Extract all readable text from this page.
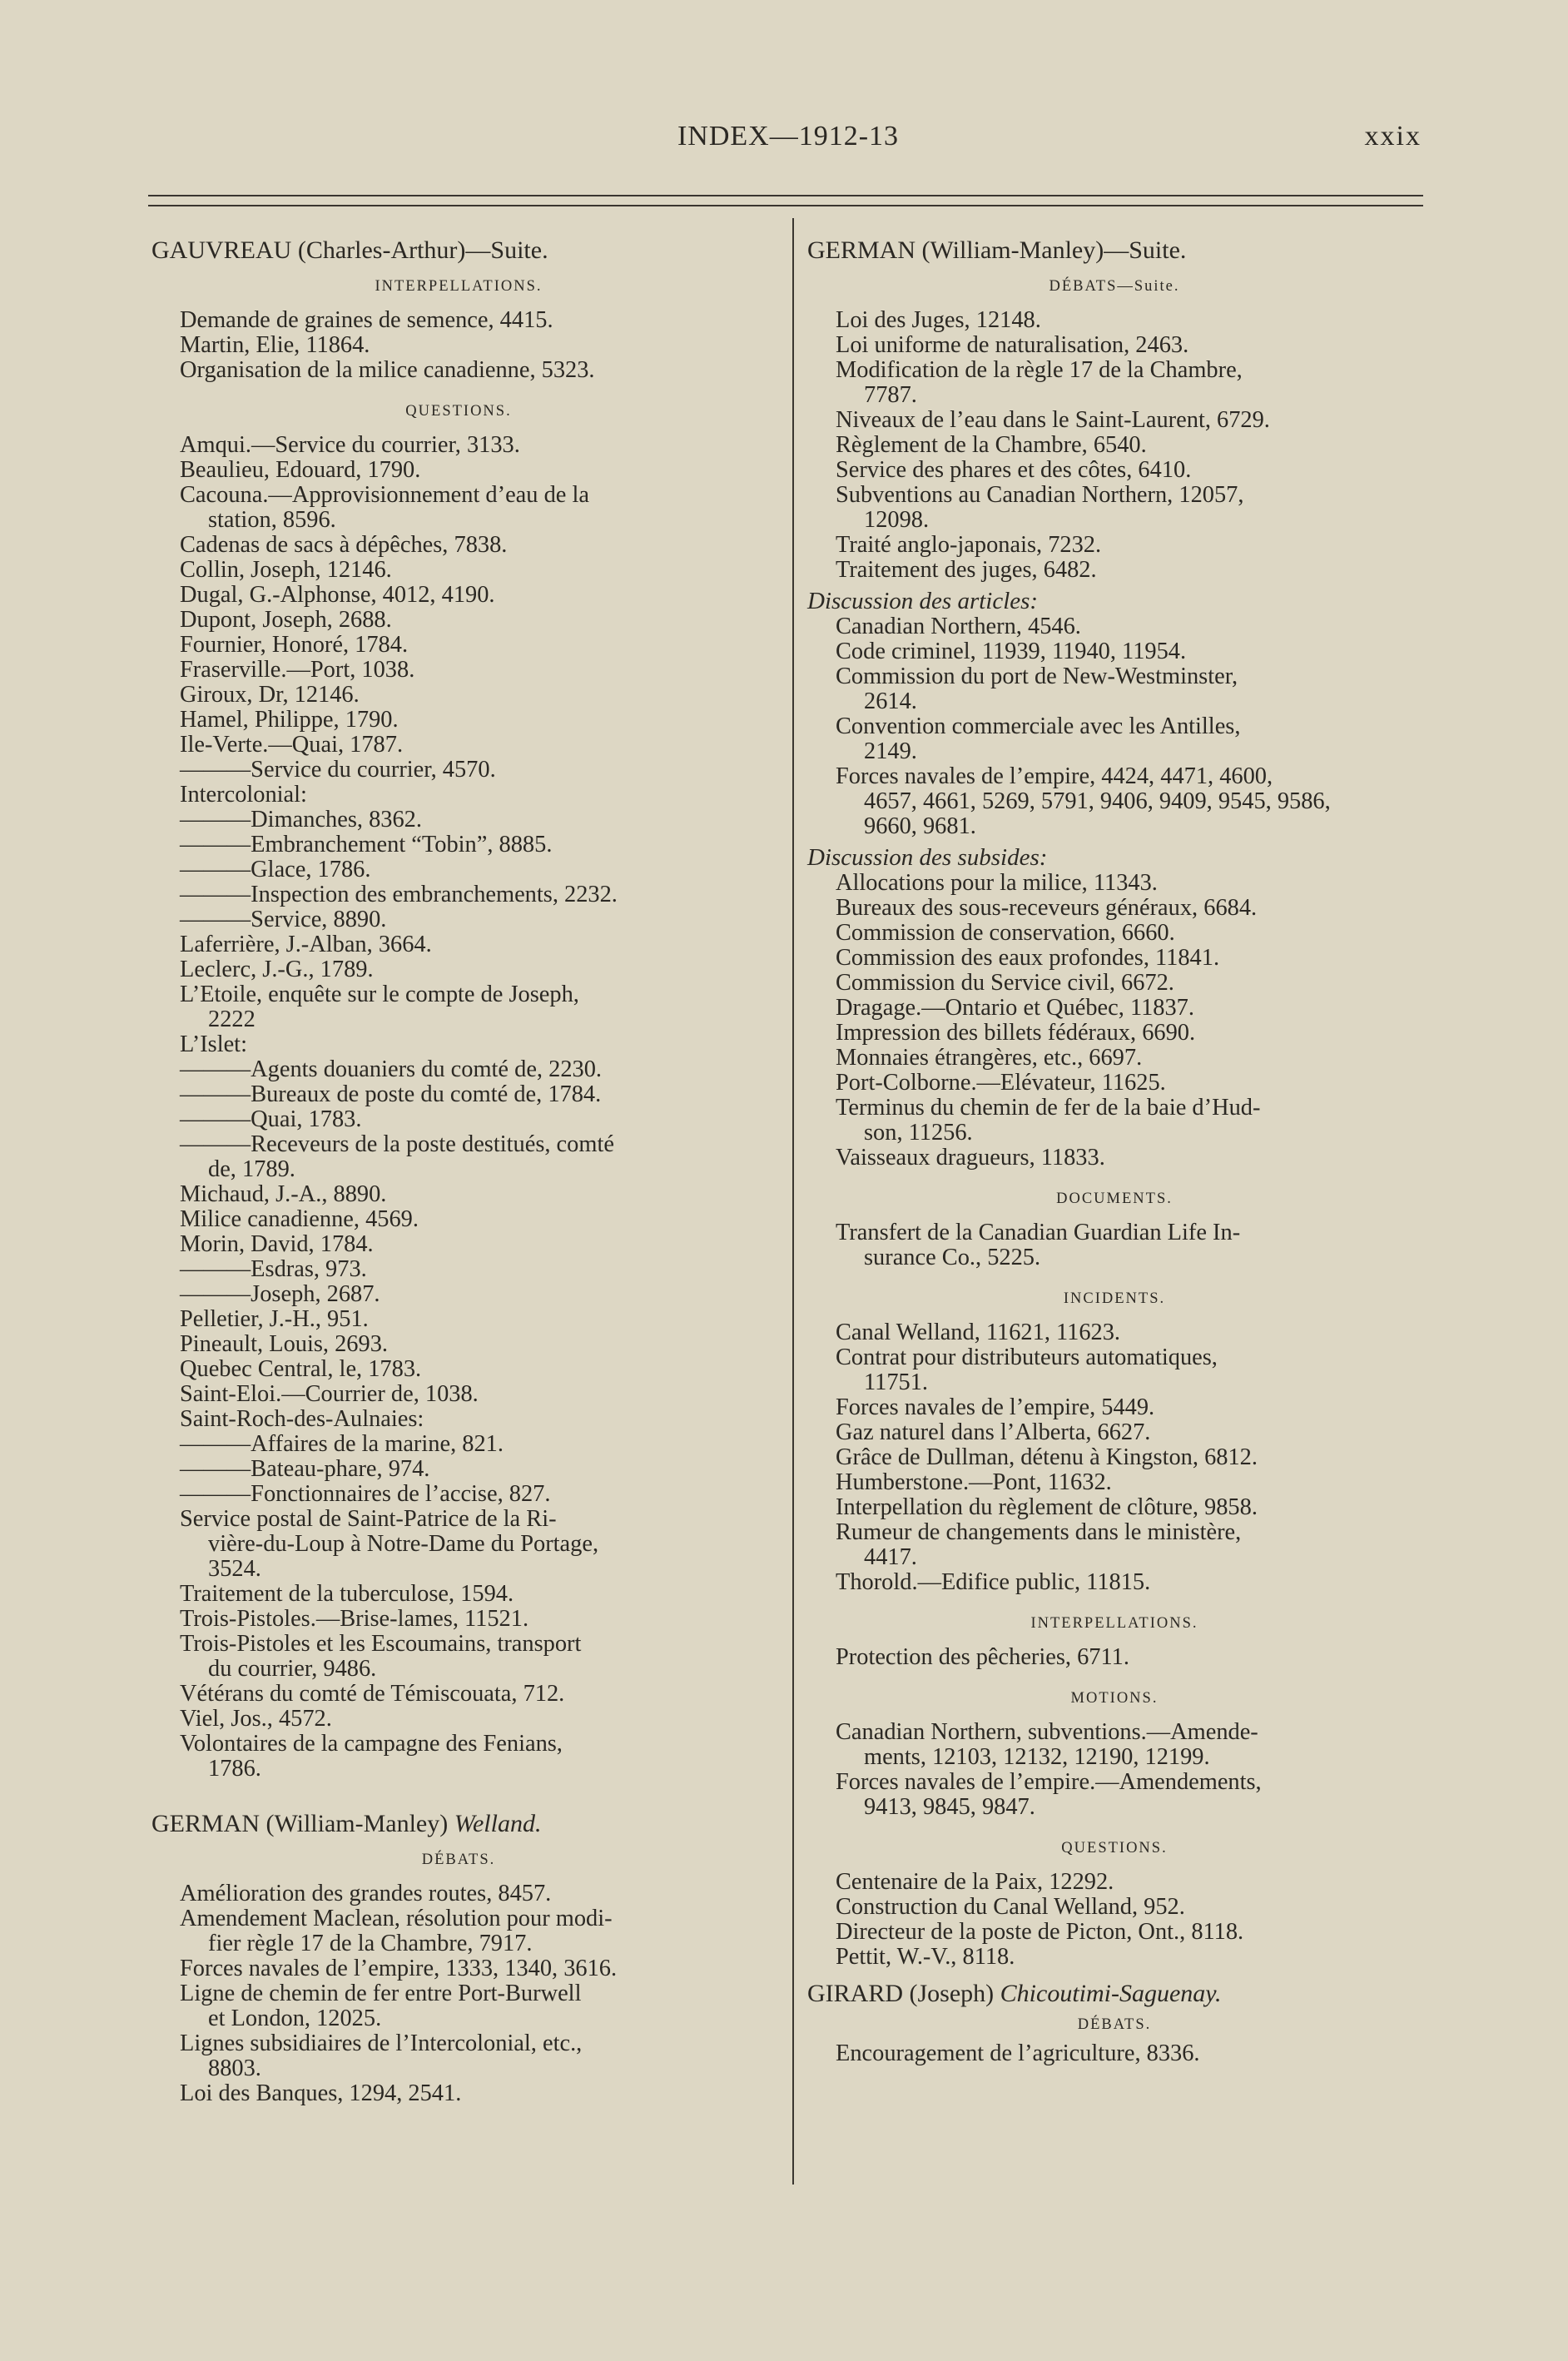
INDEX—1912-13	xxix
GAUVREAU (Charles-Arthur)—Suite.
INTERPELLATIONS.
Demande de graines de semence, 4415.
Martin, Elie, 11864.
Organisation de la milice canadienne, 5323.
QUESTIONS.
Amqui.—Service du courrier, 3133.
Beaulieu, Edouard, 1790.
Cacouna.—Approvisionnement d’eau de la
station, 8596.
Cadenas de sacs à dépêches, 7838.
Collin, Joseph, 12146.
Dugal, G.-Alphonse, 4012, 4190.
Dupont, Joseph, 2688.
Fournier, Honoré, 1784.
Fraserville.—Port, 1038.
Giroux, Dr, 12146.
Hamel, Philippe, 1790.
Ile-Verte.—Quai, 1787.
———Service du courrier, 4570.
Intercolonial:
———Dimanches, 8362.
———Embranchement “Tobin”, 8885.
———Glace, 1786.
———Inspection des embranchements, 2232.
———Service, 8890.
Laferrière, J.-Alban, 3664.
Leclerc, J.-G., 1789.
L’Etoile, enquête sur le compte de Joseph,
2222
L’Islet:
———Agents douaniers du comté de, 2230.
———Bureaux de poste du comté de, 1784.
———Quai, 1783.
———Receveurs de la poste destitués, comté
de, 1789.
Michaud, J.-A., 8890.
Milice canadienne, 4569.
Morin, David, 1784.
———Esdras, 973.
———Joseph, 2687.
Pelletier, J.-H., 951.
Pineault, Louis, 2693.
Quebec Central, le, 1783.
Saint-Eloi.—Courrier de, 1038.
Saint-Roch-des-Aulnaies:
———Affaires de la marine, 821.
———Bateau-phare, 974.
———Fonctionnaires de l’accise, 827.
Service postal de Saint-Patrice de la Ri-
vière-du-Loup à Notre-Dame du Portage,
3524.
Traitement de la tuberculose, 1594.
Trois-Pistoles.—Brise-lames, 11521.
Trois-Pistoles et les Escoumains, transport
du courrier, 9486.
Vétérans du comté de Témiscouata, 712.
Viel, Jos., 4572.
Volontaires de la campagne des Fenians,
1786.
GERMAN (William-Manley) Welland.
DÉBATS.
Amélioration des grandes routes, 8457.
Amendement Maclean, résolution pour modi-
fier règle 17 de la Chambre, 7917.
Forces navales de l’empire, 1333, 1340, 3616.
Ligne de chemin de fer entre Port-Burwell
et London, 12025.
Lignes subsidiaires de l’Intercolonial, etc.,
8803.
Loi des Banques, 1294, 2541.
GERMAN (William-Manley)—Suite.
DÉBATS—Suite.
Loi des Juges, 12148.
Loi uniforme de naturalisation, 2463.
Modification de la règle 17 de la Chambre,
7787.
Niveaux de l’eau dans le Saint-Laurent, 6729.
Règlement de la Chambre, 6540.
Service des phares et des côtes, 6410.
Subventions au Canadian Northern, 12057,
12098.
Traité anglo-japonais, 7232.
Traitement des juges, 6482.
Discussion des articles:
Canadian Northern, 4546.
Code criminel, 11939, 11940, 11954.
Commission du port de New-Westminster,
2614.
Convention commerciale avec les Antilles,
2149.
Forces navales de l’empire, 4424, 4471, 4600,
4657, 4661, 5269, 5791, 9406, 9409, 9545, 9586,
9660, 9681.
Discussion des subsides:
Allocations pour la milice, 11343.
Bureaux des sous-receveurs généraux, 6684.
Commission de conservation, 6660.
Commission des eaux profondes, 11841.
Commission du Service civil, 6672.
Dragage.—Ontario et Québec, 11837.
Impression des billets fédéraux, 6690.
Monnaies étrangères, etc., 6697.
Port-Colborne.—Elévateur, 11625.
Terminus du chemin de fer de la baie d’Hud-
son, 11256.
Vaisseaux dragueurs, 11833.
DOCUMENTS.
Transfert de la Canadian Guardian Life In-
surance Co., 5225.
INCIDENTS.
Canal Welland, 11621, 11623.
Contrat pour distributeurs automatiques,
11751.
Forces navales de l’empire, 5449.
Gaz naturel dans l’Alberta, 6627.
Grâce de Dullman, détenu à Kingston, 6812.
Humberstone.—Pont, 11632.
Interpellation du règlement de clôture, 9858.
Rumeur de changements dans le ministère,
4417.
Thorold.—Edifice public, 11815.
INTERPELLATIONS.
Protection des pêcheries, 6711.
MOTIONS.
Canadian Northern, subventions.—Amende-
ments, 12103, 12132, 12190, 12199.
Forces navales de l’empire.—Amendements,
9413, 9845, 9847.
QUESTIONS.
Centenaire de la Paix, 12292.
Construction du Canal Welland, 952.
Directeur de la poste de Picton, Ont., 8118.
Pettit, W.-V., 8118.
GIRARD (Joseph) Chicoutimi-Saguenay.
DÉBATS.
Encouragement de l’agriculture, 8336.
